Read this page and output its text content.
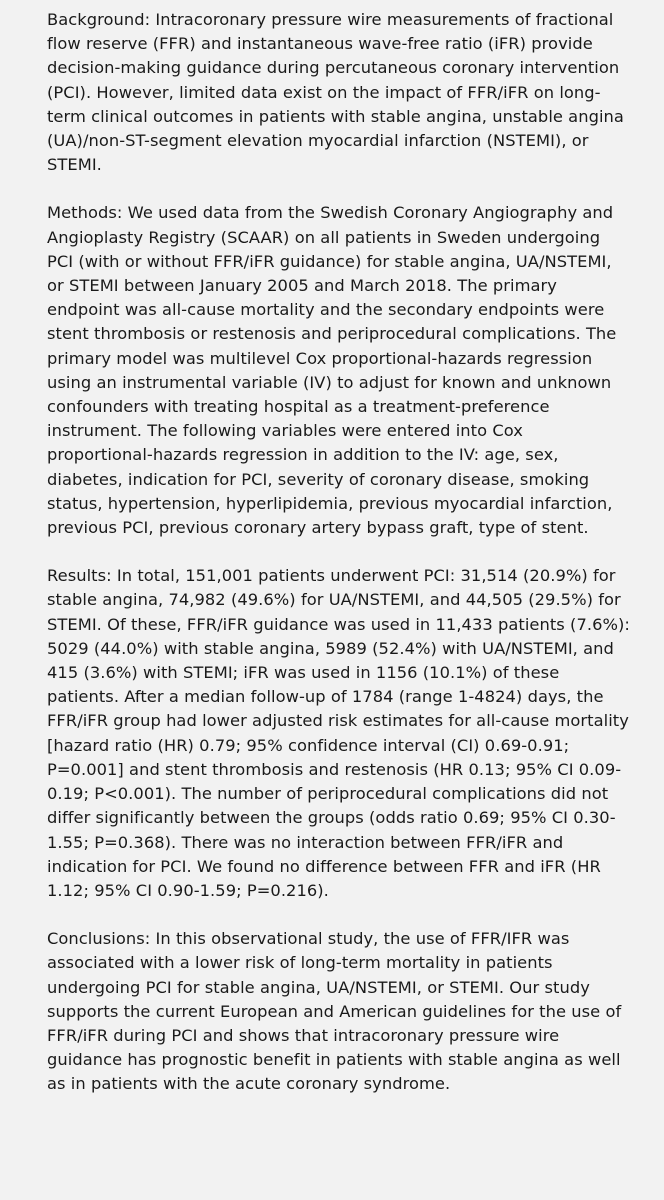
Background: Intracoronary pressure wire measurements of fractional flow reserve (FFR) and instantaneous wave-free ratio (iFR) provide decision-making guidance during percutaneous coronary intervention (PCI). However, limited data exist on the impact of FFR/iFR on long-term clinical outcomes in patients with stable angina, unstable angina (UA)/non-ST-segment elevation myocardial infarction (NSTEMI), or STEMI.

Methods: We used data from the Swedish Coronary Angiography and Angioplasty Registry (SCAAR) on all patients in Sweden undergoing PCI (with or without FFR/iFR guidance) for stable angina, UA/NSTEMI, or STEMI between January 2005 and March 2018. The primary endpoint was all-cause mortality and the secondary endpoints were stent thrombosis or restenosis and periprocedural complications. The primary model was multilevel Cox proportional-hazards regression using an instrumental variable (IV) to adjust for known and unknown confounders with treating hospital as a treatment-preference instrument. The following variables were entered into Cox proportional-hazards regression in addition to the IV: age, sex, diabetes, indication for PCI, severity of coronary disease, smoking status, hypertension, hyperlipidemia, previous myocardial infarction, previous PCI, previous coronary artery bypass graft, type of stent.

Results: In total, 151,001 patients underwent PCI: 31,514 (20.9%) for stable angina, 74,982 (49.6%) for UA/NSTEMI, and 44,505 (29.5%) for STEMI. Of these, FFR/iFR guidance was used in 11,433 patients (7.6%): 5029 (44.0%) with stable angina, 5989 (52.4%) with UA/NSTEMI, and 415 (3.6%) with STEMI; iFR was used in 1156 (10.1%) of these patients. After a median follow-up of 1784 (range 1-4824) days, the FFR/iFR group had lower adjusted risk estimates for all-cause mortality [hazard ratio (HR) 0.79; 95% confidence interval (CI) 0.69-0.91; P=0.001] and stent thrombosis and restenosis (HR 0.13; 95% CI 0.09-0.19; P<0.001). The number of periprocedural complications did not differ significantly between the groups (odds ratio 0.69; 95% CI 0.30-1.55; P=0.368). There was no interaction between FFR/iFR and indication for PCI. We found no difference between FFR and iFR (HR 1.12; 95% CI 0.90-1.59; P=0.216).

Conclusions: In this observational study, the use of FFR/IFR was associated with a lower risk of long-term mortality in patients undergoing PCI for stable angina, UA/NSTEMI, or STEMI. Our study supports the current European and American guidelines for the use of FFR/iFR during PCI and shows that intracoronary pressure wire guidance has prognostic benefit in patients with stable angina as well as in patients with the acute coronary syndrome.
